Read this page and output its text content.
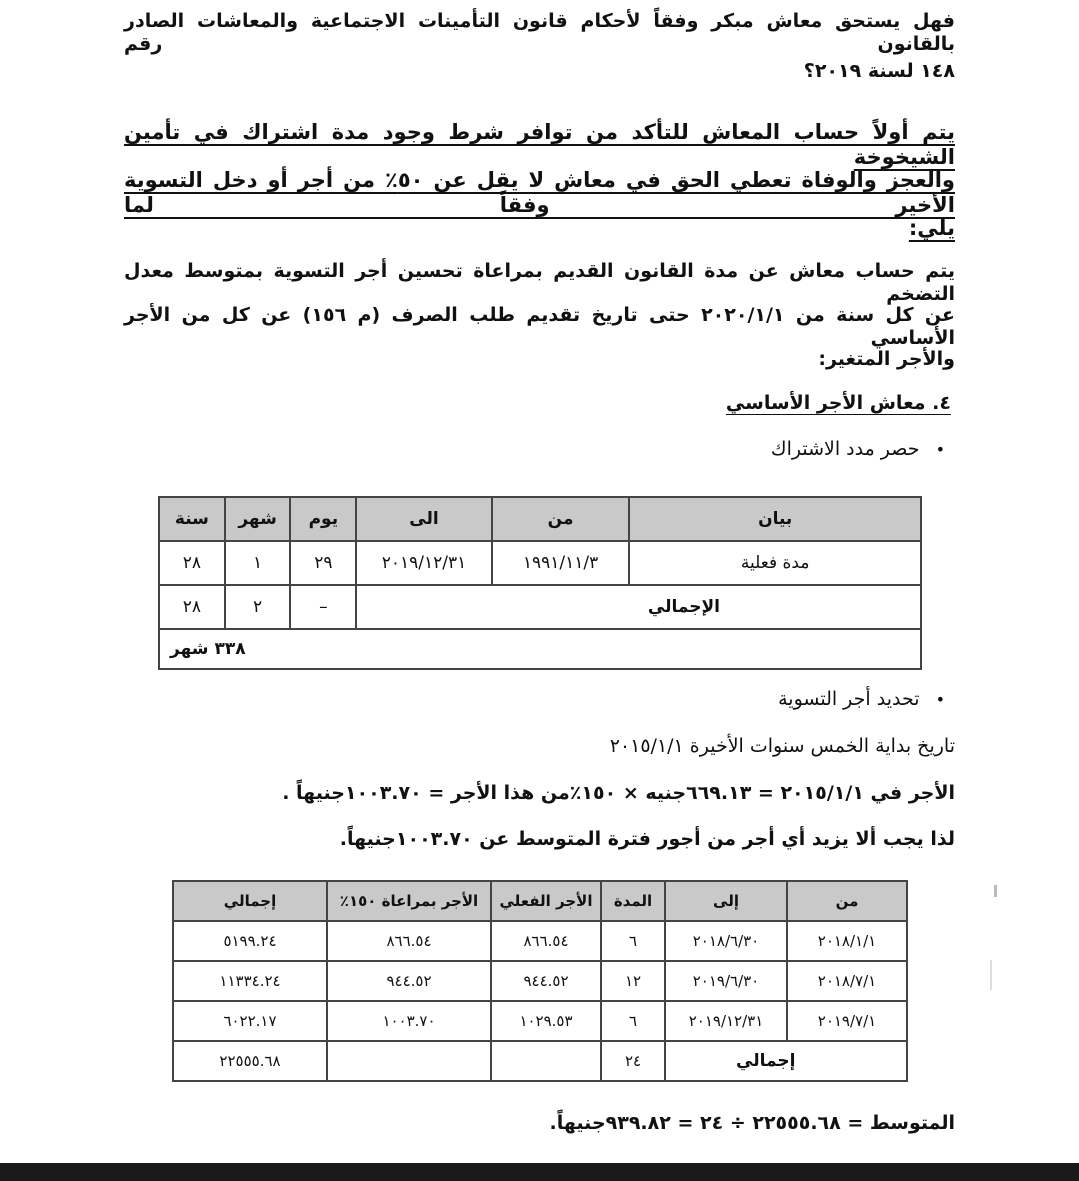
فهل يستحق معاش مبكر وفقاً لأحكام قانون التأمينات الاجتماعية والمعاشات الصادر بالقانون رقم
١٤٨ لسنة ٢٠١٩؟
يتم أولاً حساب المعاش للتأكد من توافر شرط وجود مدة اشتراك في تأمين الشيخوخة
والعجز والوفاة تعطي الحق في معاش لا يقل عن ٥٠٪ من أجر أو دخل التسوية الأخير وفقاً لما
يلي:
يتم حساب معاش عن مدة القانون القديم بمراعاة تحسين أجر التسوية بمتوسط معدل التضخم
عن كل سنة من ٢٠٢٠/١/١ حتى تاريخ تقديم طلب الصرف (م ١٥٦) عن كل من الأجر الأساسي
والأجر المتغير:
٤. معاش الأجر الأساسي
• حصر مدد الاشتراك
بيان	من	الى	يوم	شهر	سنة
مدة فعلية	١٩٩١/١١/٣	٢٠١٩/١٢/٣١	٢٩	١	٢٨
الإجمالي			–	٢	٢٨
٣٣٨ شهر					
• تحديد أجر التسوية
تاريخ بداية الخمس سنوات الأخيرة ٢٠١٥/١/١
الأجر في ٢٠١٥/١/١ = ٦٦٩.١٣جنيه × ١٥٠٪من هذا الأجر = ١٠٠٣.٧٠جنيهاً .
لذا يجب ألا يزيد أي أجر من أجور فترة المتوسط عن ١٠٠٣.٧٠جنيهاً.
من	إلى	المدة	الأجر الفعلي	الأجر بمراعاة ١٥٠٪	إجمالي
٢٠١٨/١/١	٢٠١٨/٦/٣٠	٦	٨٦٦.٥٤	٨٦٦.٥٤	٥١٩٩.٢٤
٢٠١٨/٧/١	٢٠١٩/٦/٣٠	١٢	٩٤٤.٥٢	٩٤٤.٥٢	١١٣٣٤.٢٤
٢٠١٩/٧/١	٢٠١٩/١٢/٣١	٦	١٠٢٩.٥٣	١٠٠٣.٧٠	٦٠٢٢.١٧
إجمالي		٢٤			٢٢٥٥٥.٦٨
المتوسط = ٢٢٥٥٥.٦٨ ÷ ٢٤ = ٩٣٩.٨٢جنيهاً.
